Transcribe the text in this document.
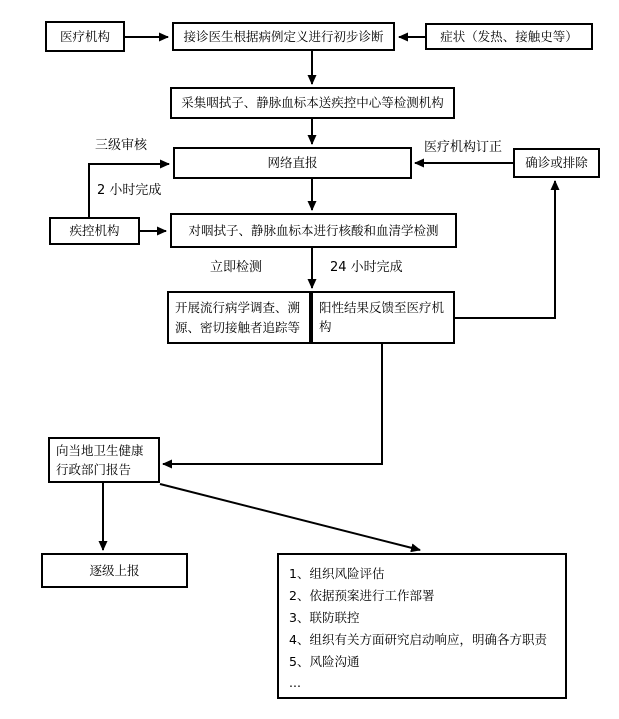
医疗机构	接诊医生根据病例定义进行初步诊断	症状（发热、接触史等）
采集咽拭子、静脉血标本送疾控中心等检测机构
网络直报	确诊或排除
疾控机构	对咽拭子、静脉血标本进行核酸和血清学检测
开展流行病学调查、溯源、密切接触者追踪等
阳性结果反馈至医疗机构
向当地卫生健康行政部门报告
逐级上报	1、组织风险评估
2、依据预案进行工作部署
3、联防联控
4、组织有关方面研究启动响应，明确各方职责
5、风险沟通
...
三级审核
2 小时完成
医疗机构订正
立即检测	24 小时完成
